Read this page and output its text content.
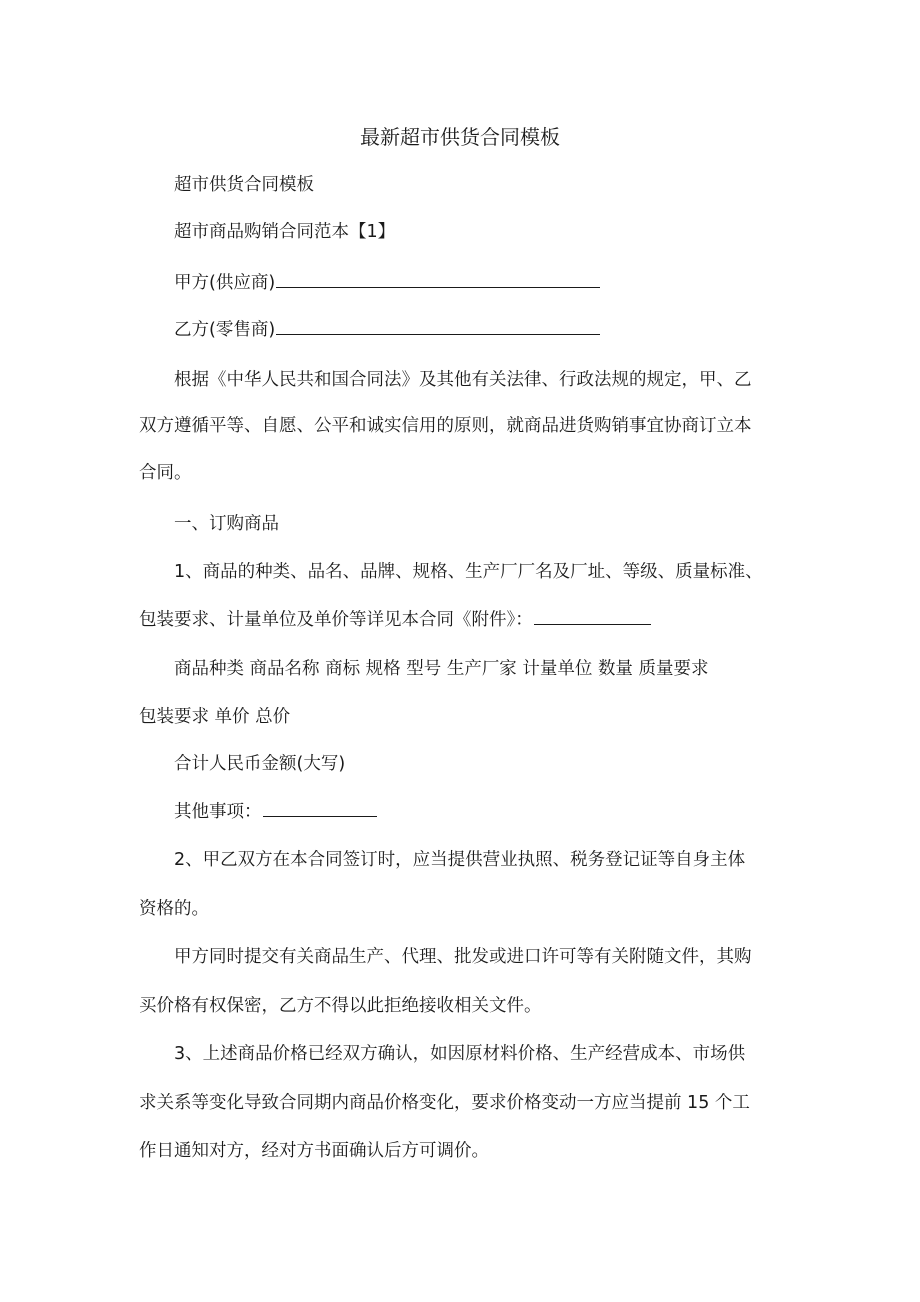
最新超市供货合同模板

超市供货合同模板

超市商品购销合同范本【1】

甲方(供应商)

乙方(零售商)

根据《中华人民共和国合同法》及其他有关法律、行政法规的规定，甲、乙

双方遵循平等、自愿、公平和诚实信用的原则，就商品进货购销事宜协商订立本

合同。

一、订购商品

1、商品的种类、品名、品牌、规格、生产厂厂名及厂址、等级、质量标准、

包装要求、计量单位及单价等详见本合同《附件》：

商品种类 商品名称 商标 规格 型号 生产厂家 计量单位 数量 质量要求

包装要求 单价 总价

合计人民币金额(大写)

其他事项：

2、甲乙双方在本合同签订时，应当提供营业执照、税务登记证等自身主体

资格的。

甲方同时提交有关商品生产、代理、批发或进口许可等有关附随文件，其购

买价格有权保密，乙方不得以此拒绝接收相关文件。

3、上述商品价格已经双方确认，如因原材料价格、生产经营成本、市场供

求关系等变化导致合同期内商品价格变化，要求价格变动一方应当提前 15 个工

作日通知对方，经对方书面确认后方可调价。
